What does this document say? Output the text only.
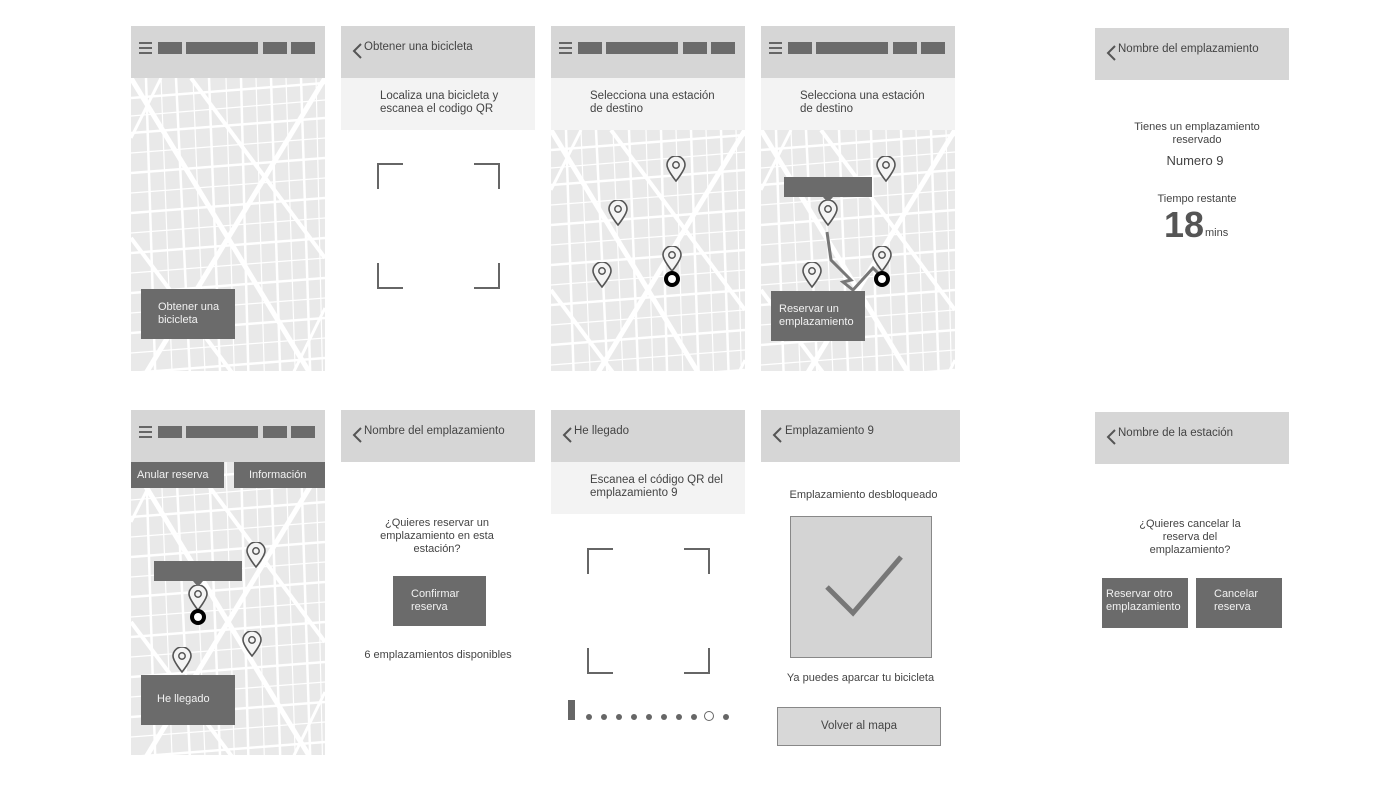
Obtener una bicicleta
Obtener una bicicleta
Localiza una bicicleta y escanea el codigo QR
Selecciona una estación de destino
Selecciona una estación de destino
Reservar un emplazamiento
Nombre del emplazamiento
Tienes un emplazamiento reservado
Numero 9
Tiempo restante
18 mins
Anular reserva	Información
He llegado
Nombre del emplazamiento
¿Quieres reservar un emplazamiento en esta estación?
Confirmar reserva
6 emplazamientos disponibles
He llegado
Escanea el código QR del emplazamiento 9
Emplazamiento 9
Emplazamiento desbloqueado
Ya puedes aparcar tu bicicleta
Volver al mapa
Nombre de la estación
¿Quieres cancelar la reserva del emplazamiento?
Reservar otro emplazamiento
Cancelar reserva
